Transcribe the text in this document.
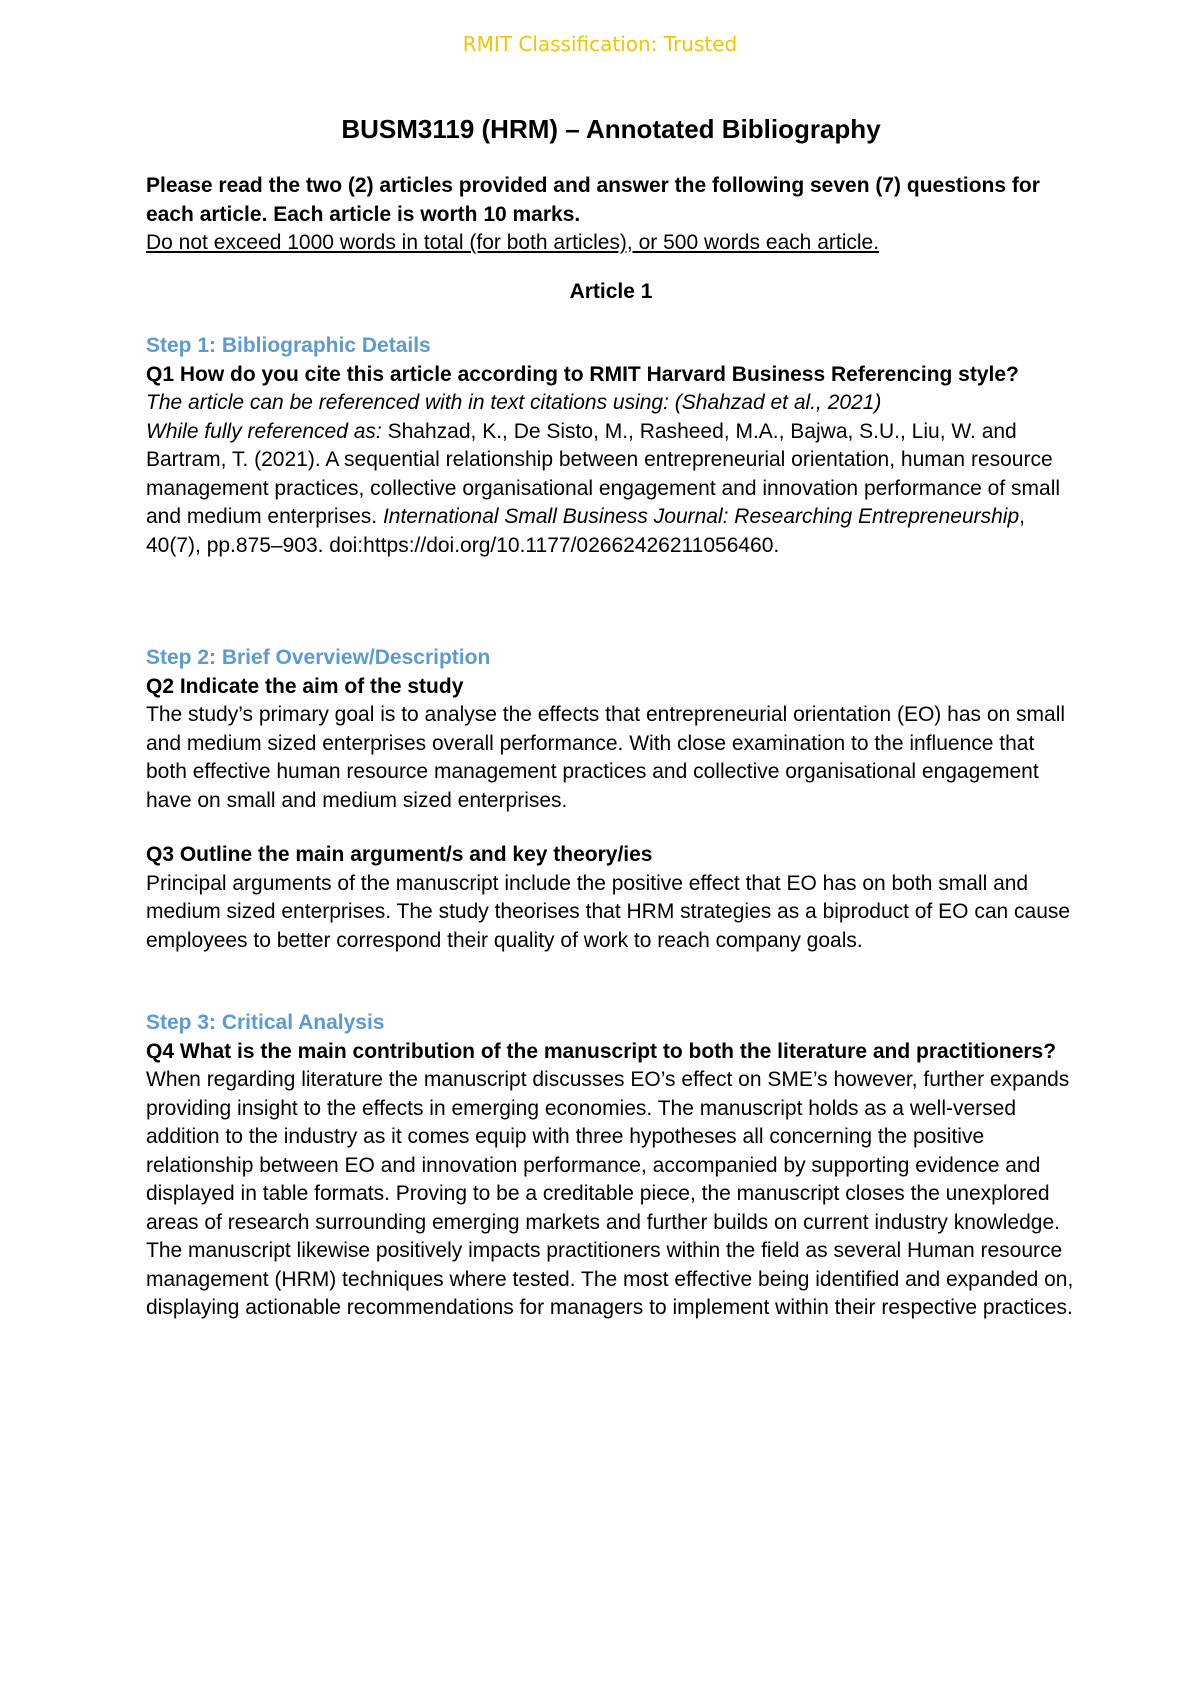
RMIT Classification: Trusted
BUSM3119 (HRM) – Annotated Bibliography

Please read the two (2) articles provided and answer the following seven (7) questions for each article. Each article is worth 10 marks.

Do not exceed 1000 words in total (for both articles), or 500 words each article.

Article 1

Step 1: Bibliographic Details

Q1 How do you cite this article according to RMIT Harvard Business Referencing style?

The article can be referenced with in text citations using: (Shahzad et al., 2021)

While fully referenced as: Shahzad, K., De Sisto, M., Rasheed, M.A., Bajwa, S.U., Liu, W. and Bartram, T. (2021). A sequential relationship between entrepreneurial orientation, human resource management practices, collective organisational engagement and innovation performance of small and medium enterprises. International Small Business Journal: Researching Entrepreneurship, 40(7), pp.875–903. doi:https://doi.org/10.1177/02662426211056460.

Step 2: Brief Overview/Description

Q2 Indicate the aim of the study

The study’s primary goal is to analyse the effects that entrepreneurial orientation (EO) has on small and medium sized enterprises overall performance. With close examination to the influence that both effective human resource management practices and collective organisational engagement have on small and medium sized enterprises.

Q3 Outline the main argument/s and key theory/ies

Principal arguments of the manuscript include the positive effect that EO has on both small and medium sized enterprises. The study theorises that HRM strategies as a biproduct of EO can cause employees to better correspond their quality of work to reach company goals.

Step 3: Critical Analysis

Q4 What is the main contribution of the manuscript to both the literature and practitioners?

When regarding literature the manuscript discusses EO’s effect on SME’s however, further expands providing insight to the effects in emerging economies. The manuscript holds as a well-versed addition to the industry as it comes equip with three hypotheses all concerning the positive relationship between EO and innovation performance, accompanied by supporting evidence and displayed in table formats. Proving to be a creditable piece, the manuscript closes the unexplored areas of research surrounding emerging markets and further builds on current industry knowledge. The manuscript likewise positively impacts practitioners within the field as several Human resource management (HRM) techniques where tested. The most effective being identified and expanded on, displaying actionable recommendations for managers to implement within their respective practices.
